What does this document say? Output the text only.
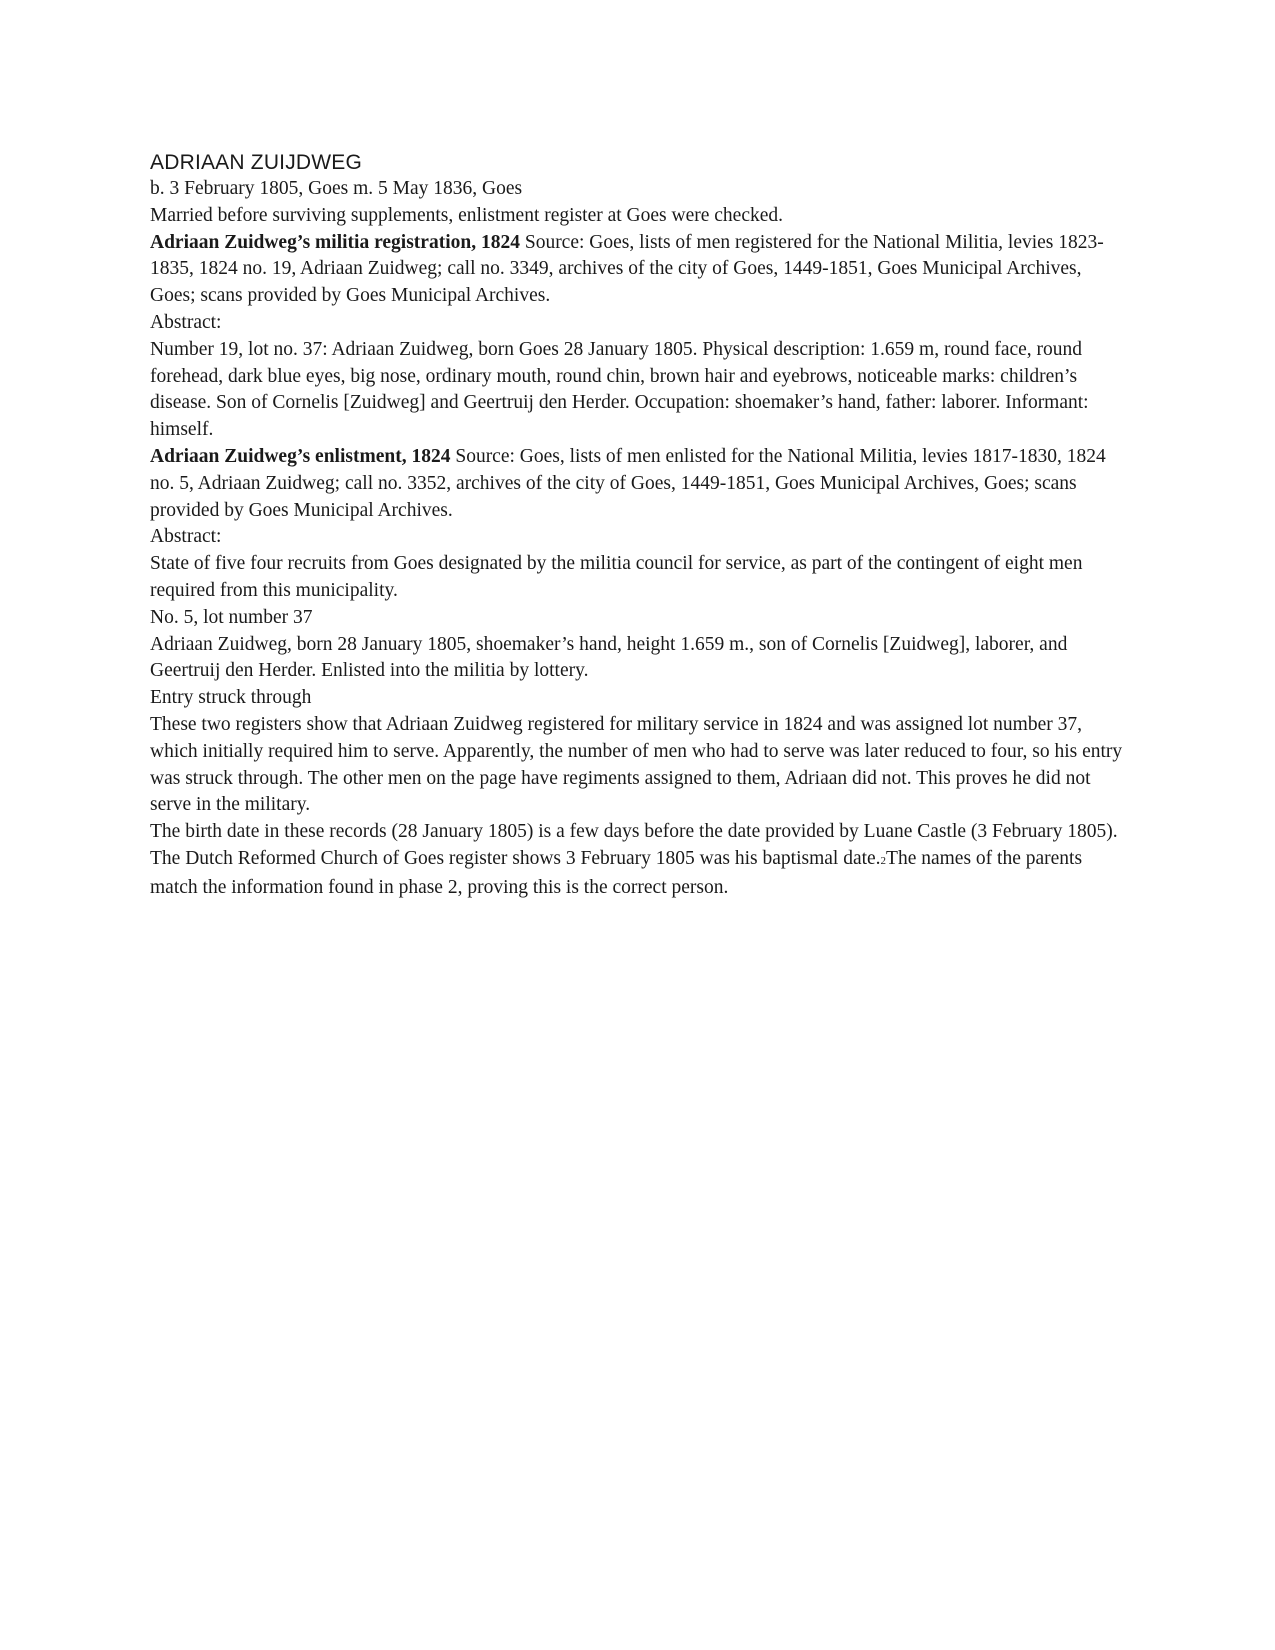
ADRIAAN ZUIJDWEG

b. 3 February 1805, Goes m. 5 May 1836, Goes

Married before surviving supplements, enlistment register at Goes were checked.

Adriaan Zuidweg’s militia registration, 1824 Source: Goes, lists of men registered for the National Militia, levies 1823-1835, 1824 no. 19, Adriaan Zuidweg; call no. 3349, archives of the city of Goes, 1449-1851, Goes Municipal Archives, Goes; scans provided by Goes Municipal Archives.

Abstract:

Number 19, lot no. 37: Adriaan Zuidweg, born Goes 28 January 1805. Physical description: 1.659 m, round face, round forehead, dark blue eyes, big nose, ordinary mouth, round chin, brown hair and eyebrows, noticeable marks: children’s disease. Son of Cornelis [Zuidweg] and Geertruij den Herder. Occupation: shoemaker’s hand, father: laborer. Informant: himself.

Adriaan Zuidweg’s enlistment, 1824 Source: Goes, lists of men enlisted for the National Militia, levies 1817-1830, 1824 no. 5, Adriaan Zuidweg; call no. 3352, archives of the city of Goes, 1449-1851, Goes Municipal Archives, Goes; scans provided by Goes Municipal Archives.

Abstract:

State of five four recruits from Goes designated by the militia council for service, as part of the contingent of eight men required from this municipality.

No. 5, lot number 37

Adriaan Zuidweg, born 28 January 1805, shoemaker’s hand, height 1.659 m., son of Cornelis [Zuidweg], laborer, and Geertruij den Herder. Enlisted into the militia by lottery.

Entry struck through

These two registers show that Adriaan Zuidweg registered for military service in 1824 and was assigned lot number 37, which initially required him to serve. Apparently, the number of men who had to serve was later reduced to four, so his entry was struck through. The other men on the page have regiments assigned to them, Adriaan did not. This proves he did not serve in the military.

The birth date in these records (28 January 1805) is a few days before the date provided by Luane Castle (3 February 1805). The Dutch Reformed Church of Goes register shows 3 February 1805 was his baptismal date.2The names of the parents match the information found in phase 2, proving this is the correct person.
